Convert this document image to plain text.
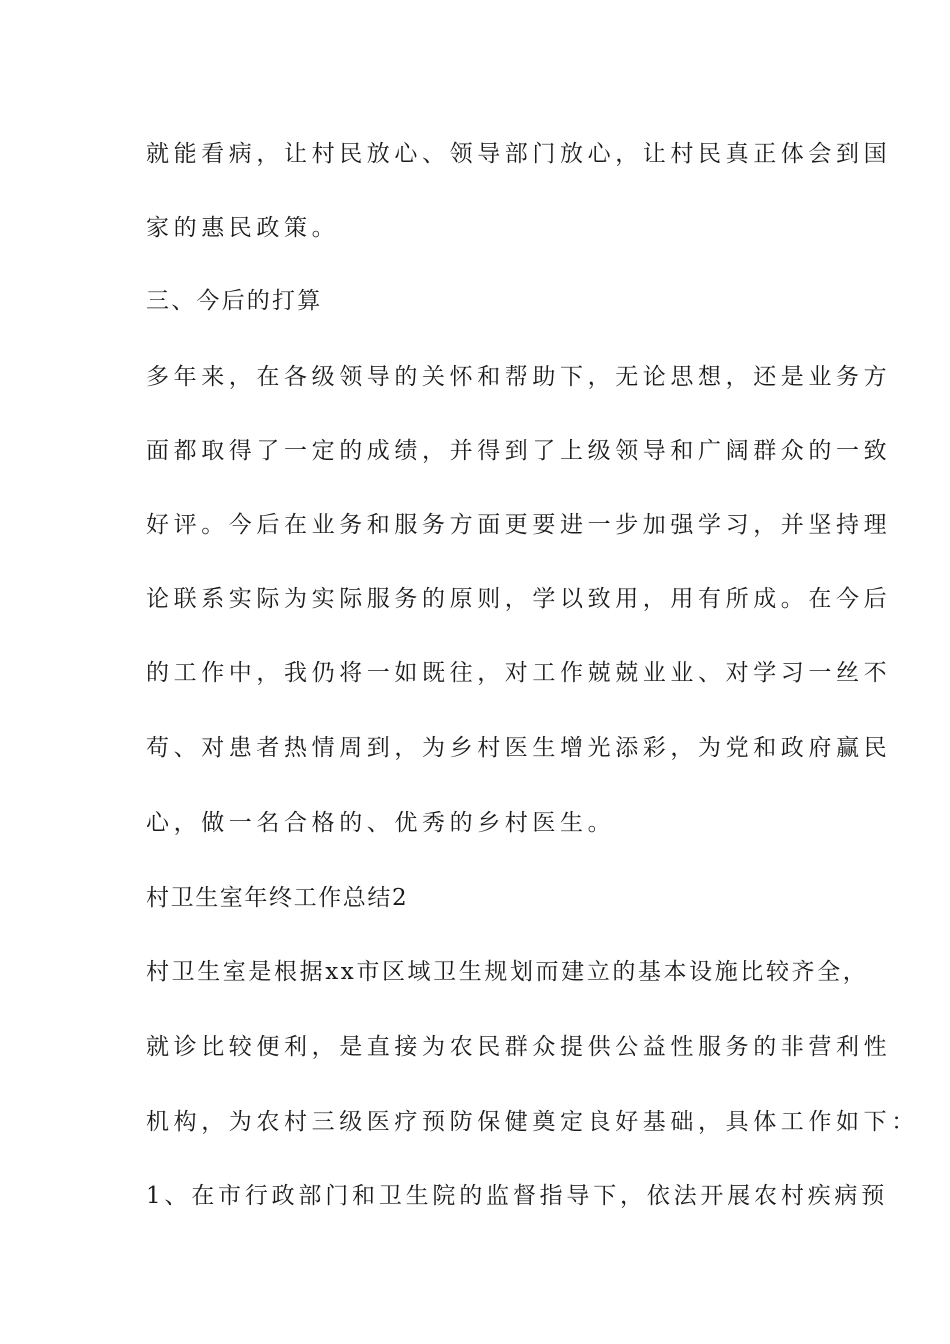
就能看病，让村民放心、领导部门放心，让村民真正体会到国
家的惠民政策。
三、今后的打算
多年来，在各级领导的关怀和帮助下，无论思想，还是业务方
面都取得了一定的成绩，并得到了上级领导和广阔群众的一致
好评。今后在业务和服务方面更要进一步加强学习，并坚持理
论联系实际为实际服务的原则，学以致用，用有所成。在今后
的工作中，我仍将一如既往，对工作兢兢业业、对学习一丝不
苟、对患者热情周到，为乡村医生增光添彩，为党和政府赢民
心，做一名合格的、优秀的乡村医生。
村卫生室年终工作总结2
村卫生室是根据xx市区域卫生规划而建立的基本设施比较齐全，
就诊比较便利，是直接为农民群众提供公益性服务的非营利性
机构，为农村三级医疗预防保健奠定良好基础，具体工作如下：
1、在市行政部门和卫生院的监督指导下，依法开展农村疾病预
